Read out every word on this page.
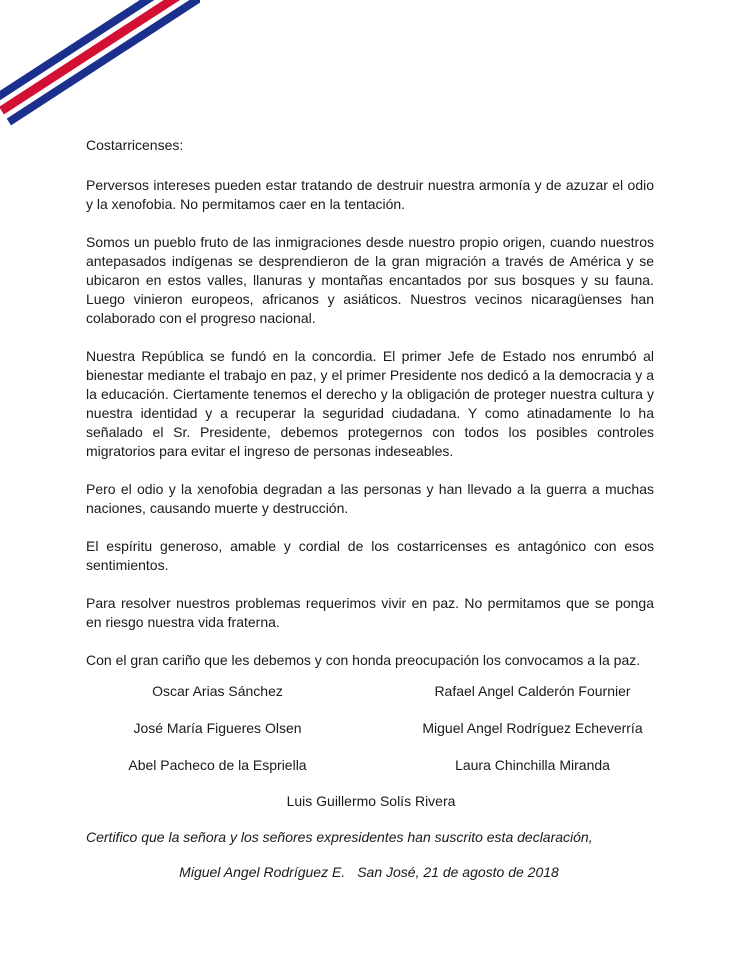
Costarricenses:

Perversos intereses pueden estar tratando de destruir nuestra armonía y de azuzar el odio y la xenofobia. No permitamos caer en la tentación.

Somos un pueblo fruto de las inmigraciones desde nuestro propio origen, cuando nuestros antepasados indígenas se desprendieron de la gran migración a través de América y se ubicaron en estos valles, llanuras y montañas encantados por sus bosques y su fauna. Luego vinieron europeos, africanos y asiáticos. Nuestros vecinos nicaragüenses han colaborado con el progreso nacional.

Nuestra República se fundó en la concordia. El primer Jefe de Estado nos enrumbó al bienestar mediante el trabajo en paz, y el primer Presidente nos dedicó a la democracia y a la educación. Ciertamente tenemos el derecho y la obligación de proteger nuestra cultura y nuestra identidad y a recuperar la seguridad ciudadana. Y como atinadamente lo ha señalado el Sr. Presidente, debemos protegernos con todos los posibles controles migratorios para evitar el ingreso de personas indeseables.

Pero el odio y la xenofobia degradan a las personas y han llevado a la guerra a muchas naciones, causando muerte y destrucción.

El espíritu generoso, amable y cordial de los costarricenses es antagónico con esos sentimientos.

Para resolver nuestros problemas requerimos vivir en paz. No permitamos que se ponga en riesgo nuestra vida fraterna.

Con el gran cariño que les debemos y con honda preocupación los convocamos a la paz.

Oscar Arias Sánchez	Rafael Angel Calderón Fournier
José María Figueres Olsen	Miguel Angel Rodríguez Echeverría
Abel Pacheco de la Espriella	Laura Chinchilla Miranda
Luis Guillermo Solís Rivera
Certifico que la señora y los señores expresidentes han suscrito esta declaración,
Miguel Angel Rodríguez E. San José, 21 de agosto de 2018
